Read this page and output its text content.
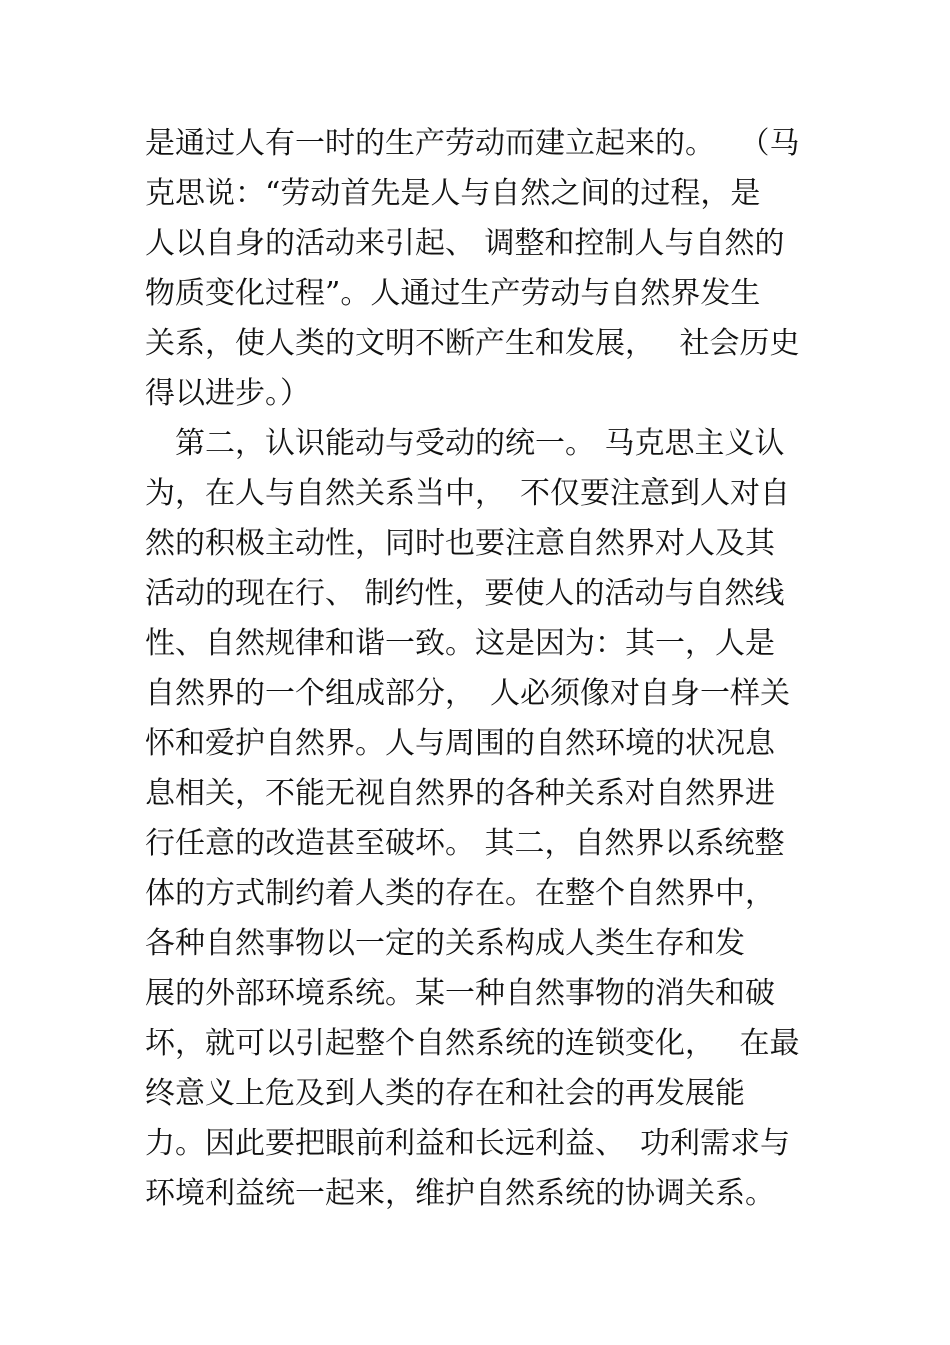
是通过人有一时的生产劳动而建立起来的。　 （马
克思说：“劳动首先是人与自然之间的过程，是
人以自身的活动来引起、 调整和控制人与自然的
物质变化过程”。人通过生产劳动与自然界发生
关系，使人类的文明不断产生和发展，　 社会历史
得以进步。）
　第二，认识能动与受动的统一。 马克思主义认
为，在人与自然关系当中，　不仅要注意到人对自
然的积极主动性，同时也要注意自然界对人及其
活动的现在行、 制约性，要使人的活动与自然线
性、自然规律和谐一致。这是因为：其一，人是
自然界的一个组成部分，　人必须像对自身一样关
怀和爱护自然界。人与周围的自然环境的状况息
息相关，不能无视自然界的各种关系对自然界进
行任意的改造甚至破坏。 其二，自然界以系统整
体的方式制约着人类的存在。在整个自然界中，
各种自然事物以一定的关系构成人类生存和发
展的外部环境系统。某一种自然事物的消失和破
坏，就可以引起整个自然系统的连锁变化，　 在最
终意义上危及到人类的存在和社会的再发展能
力。因此要把眼前利益和长远利益、　功利需求与
环境利益统一起来，维护自然系统的协调关系。
